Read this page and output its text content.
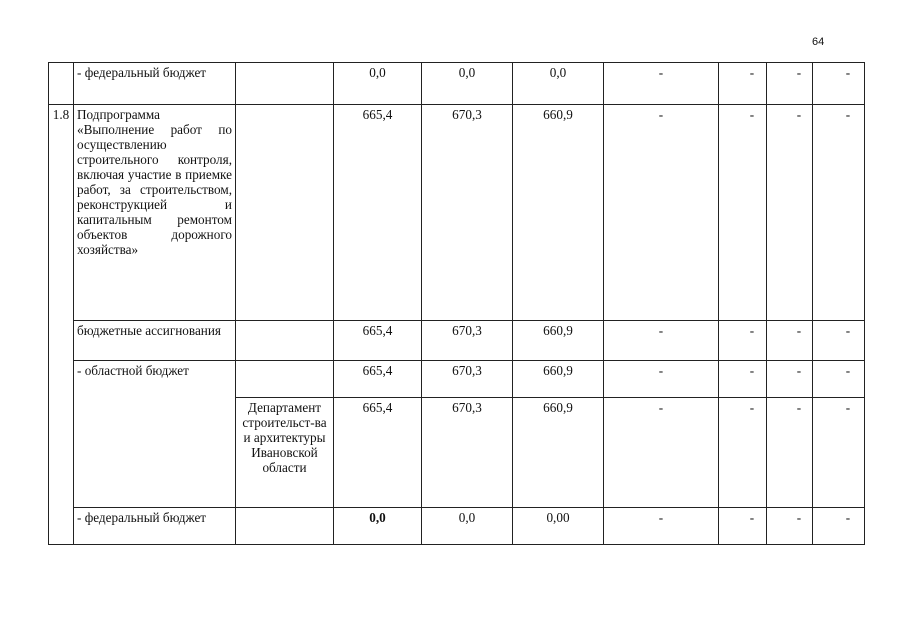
64
	- федеральный бюджет		0,0	0,0	0,0	-	-	-	-
1.8	Подпрограмма «Выполнение работ по осуществлению строительного контроля, включая участие в приемке работ, за строительством, реконструкцией и капитальным ремонтом объектов дорожного хозяйства»		665,4	670,3	660,9	-	-	-	-
	бюджетные ассигнования		665,4	670,3	660,9	-	-	-	-
	- областной бюджет		665,4	670,3	660,9	-	-	-	-
		Департамент строительст-ва и архитектуры Ивановской области	665,4	670,3	660,9	-	-	-	-
	- федеральный бюджет		0,0	0,0	0,00	-	-	-	-
